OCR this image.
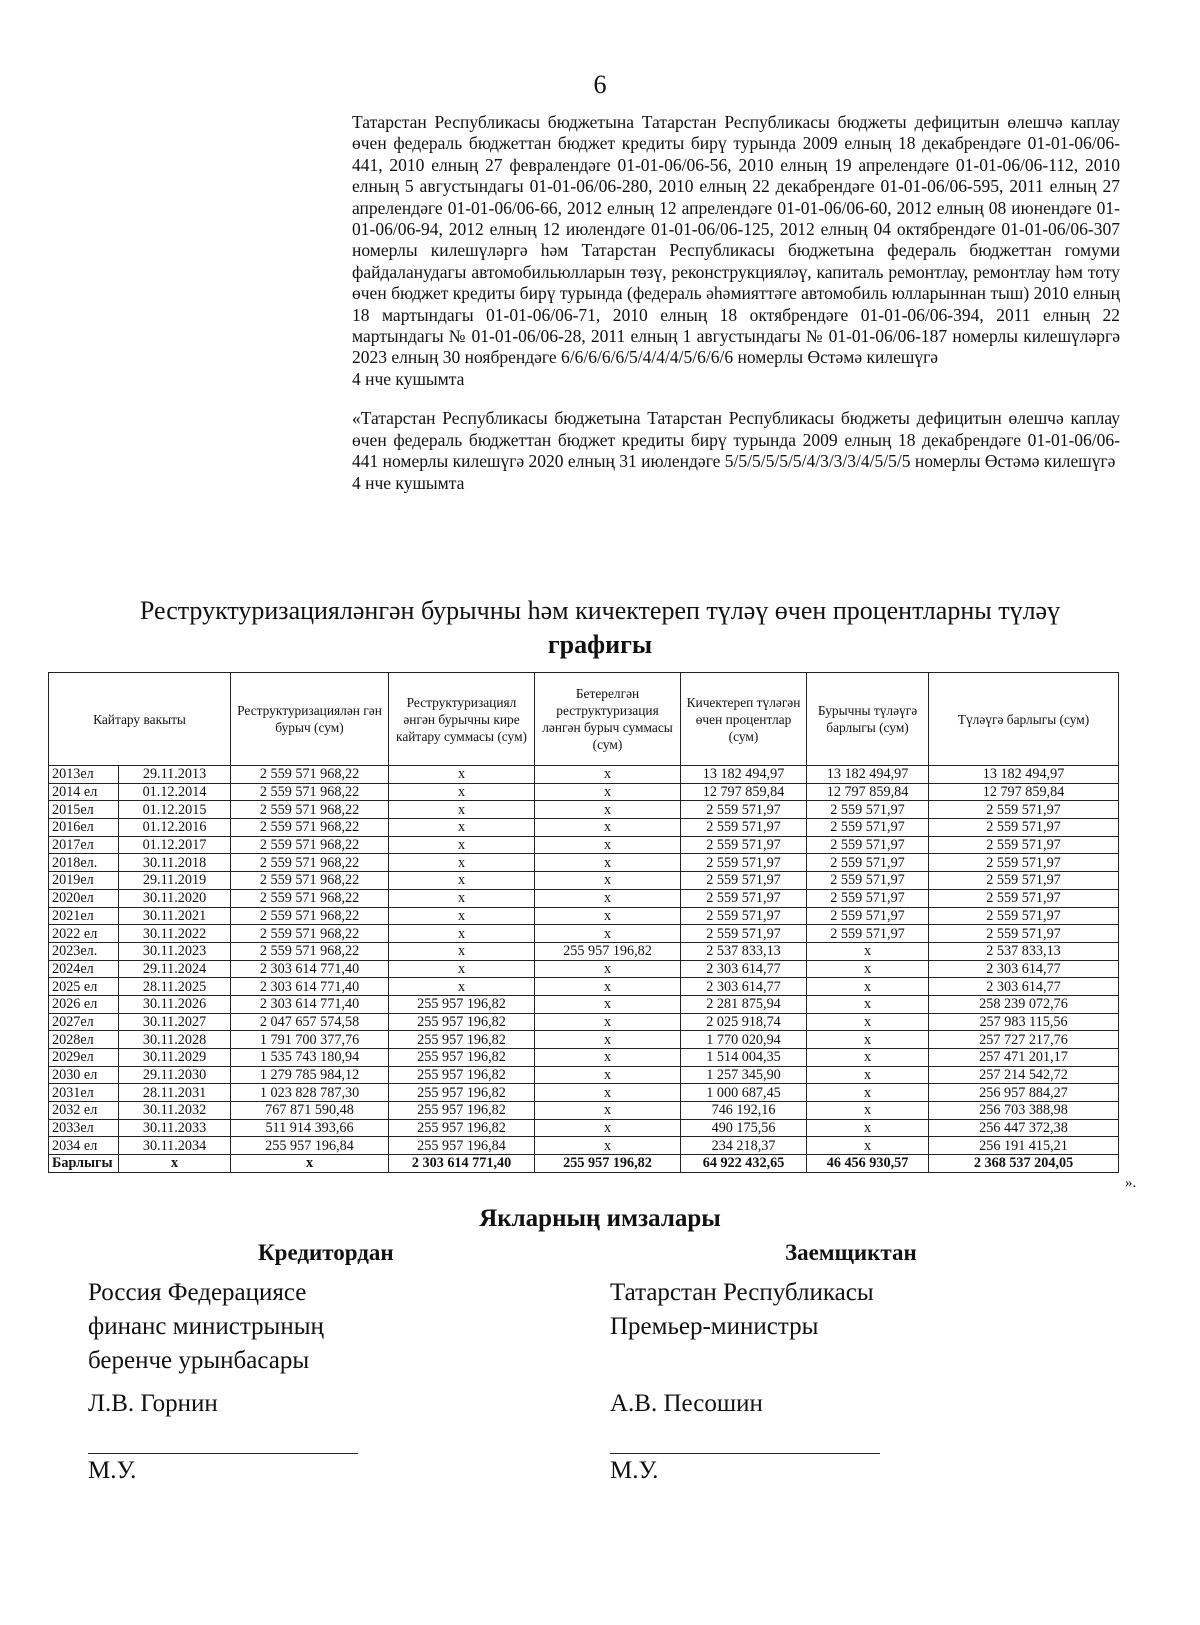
6

Татарстан Республикасы бюджетына Татарстан Республикасы бюджеты дефицитын өлешчә каплау өчен федераль бюджеттан бюджет кредиты бирү турында 2009 елның 18 декабрендәге 01-01-06/06-441, 2010 елның 27 февралендәге 01-01-06/06-56, 2010 елның 19 апрелендәге 01-01-06/06-112, 2010 елның 5 августындагы 01-01-06/06-280, 2010 елның 22 декабрендәге 01-01-06/06-595, 2011 елның 27 апрелендәге 01-01-06/06-66, 2012 елның 12 апрелендәге 01-01-06/06-60, 2012 елның 08 июнендәге 01-01-06/06-94, 2012 елның 12 июлендәге 01-01-06/06-125, 2012 елның 04 октябрендәге 01-01-06/06-307 номерлы килешүләргә һәм Татарстан Республикасы бюджетына федераль бюджеттан гомуми файдаланудагы автомобильюлларын төзү, реконструкцияләү, капиталь ремонтлау, ремонтлау һәм тоту өчен бюджет кредиты бирү турында (федераль әһәмияттәге автомобиль юлларыннан тыш) 2010 елның 18 мартындагы 01-01-06/06-71, 2010 елның 18 октябрендәге 01-01-06/06-394, 2011 елның 22 мартындагы № 01-01-06/06-28, 2011 елның 1 августындагы № 01-01-06/06-187 номерлы килешүләргә 2023 елның 30 ноябрендәге 6/6/6/6/6/5/4/4/4/5/6/6/6 номерлы Өстәмә килешүгә

4 нче кушымта

«Татарстан Республикасы бюджетына Татарстан Республикасы бюджеты дефицитын өлешчә каплау өчен федераль бюджеттан бюджет кредиты бирү турында 2009 елның 18 декабрендәге 01-01-06/06-441 номерлы килешүгә 2020 елның 31 июлендәге 5/5/5/5/5/5/4/3/3/3/4/5/5/5 номерлы Өстәмә килешүгә

4 нче кушымта

Реструктуризацияләнгән бурычны һәм кичектереп түләү өчен процентларны түләү
графигы
Кайтару вакыты		Реструктуризациялән гән бурыч (сум)	Реструктуризациял әнгән бурычны кире кайтару суммасы (сум)	Бетерелгән реструктуризация ләнгән бурыч суммасы (сум)	Кичектереп түләгән өчен процентлар (сум)	Бурычны түләүгә барлыгы (сум)	Түләүгә барлыгы (сум)
2013ел	29.11.2013	2 559 571 968,22	x	x	13 182 494,97	13 182 494,97	13 182 494,97
2014 ел	01.12.2014	2 559 571 968,22	x	x	12 797 859,84	12 797 859,84	12 797 859,84
2015ел	01.12.2015	2 559 571 968,22	x	x	2 559 571,97	2 559 571,97	2 559 571,97
2016ел	01.12.2016	2 559 571 968,22	x	x	2 559 571,97	2 559 571,97	2 559 571,97
2017ел	01.12.2017	2 559 571 968,22	x	x	2 559 571,97	2 559 571,97	2 559 571,97
2018ел.	30.11.2018	2 559 571 968,22	x	x	2 559 571,97	2 559 571,97	2 559 571,97
2019ел	29.11.2019	2 559 571 968,22	x	x	2 559 571,97	2 559 571,97	2 559 571,97
2020ел	30.11.2020	2 559 571 968,22	x	x	2 559 571,97	2 559 571,97	2 559 571,97
2021ел	30.11.2021	2 559 571 968,22	x	x	2 559 571,97	2 559 571,97	2 559 571,97
2022 ел	30.11.2022	2 559 571 968,22	x	x	2 559 571,97	2 559 571,97	2 559 571,97
2023ел.	30.11.2023	2 559 571 968,22	x	255 957 196,82	2 537 833,13	x	2 537 833,13
2024ел	29.11.2024	2 303 614 771,40	x	x	2 303 614,77	x	2 303 614,77
2025 ел	28.11.2025	2 303 614 771,40	x	x	2 303 614,77	x	2 303 614,77
2026 ел	30.11.2026	2 303 614 771,40	255 957 196,82	x	2 281 875,94	x	258 239 072,76
2027ел	30.11.2027	2 047 657 574,58	255 957 196,82	x	2 025 918,74	x	257 983 115,56
2028ел	30.11.2028	1 791 700 377,76	255 957 196,82	x	1 770 020,94	x	257 727 217,76
2029ел	30.11.2029	1 535 743 180,94	255 957 196,82	x	1 514 004,35	x	257 471 201,17
2030 ел	29.11.2030	1 279 785 984,12	255 957 196,82	x	1 257 345,90	x	257 214 542,72
2031ел	28.11.2031	1 023 828 787,30	255 957 196,82	x	1 000 687,45	x	256 957 884,27
2032 ел	30.11.2032	767 871 590,48	255 957 196,82	x	746 192,16	x	256 703 388,98
2033ел	30.11.2033	511 914 393,66	255 957 196,82	x	490 175,56	x	256 447 372,38
2034 ел	30.11.2034	255 957 196,84	255 957 196,84	x	234 218,37	x	256 191 415,21
Барлыгы	x	x	2 303 614 771,40	255 957 196,82	64 922 432,65	46 456 930,57	2 368 537 204,05
».
Якларның имзалары
Кредитордан	Заемщиктан
Россия Федерациясе
финанс министрының
беренче урынбасары
Татарстан Республикасы
Премьер-министры
Л.В. Горнин	А.В. Песошин
М.У.	М.У.
